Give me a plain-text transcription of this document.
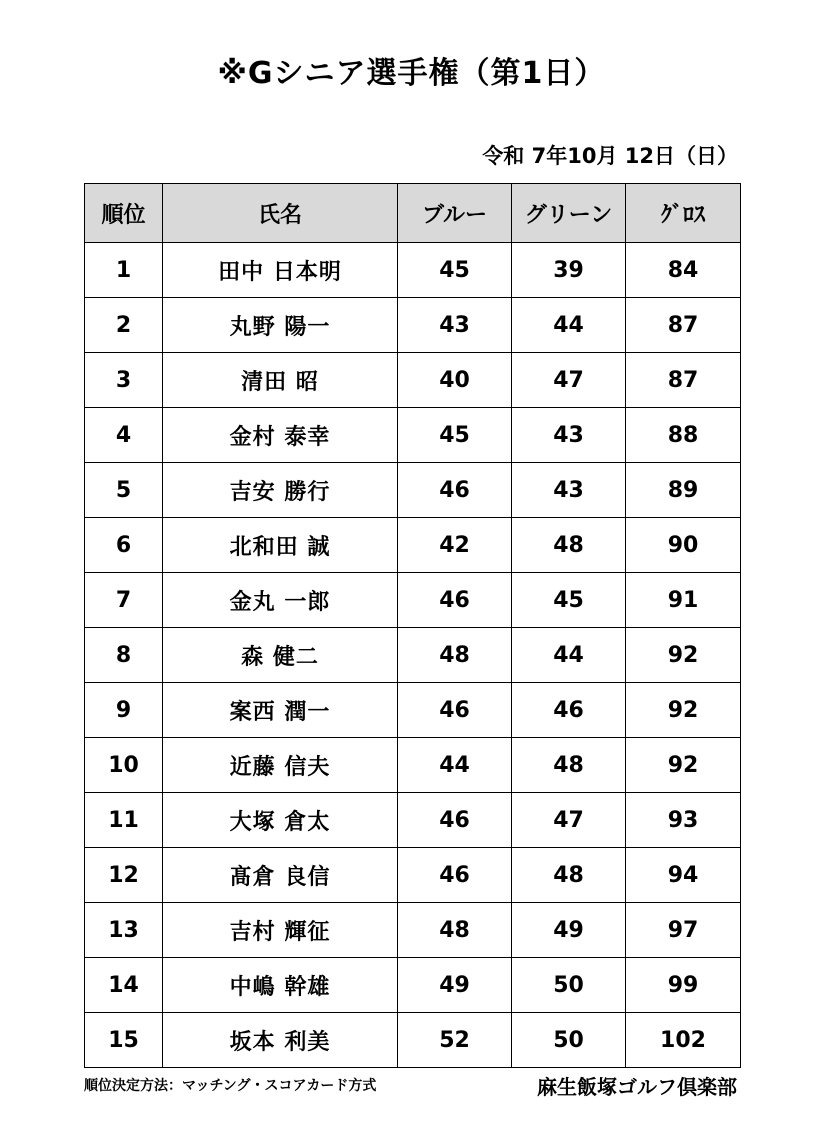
※Gシニア選手権（第1日）
令和 7年10月 12日（日）
順位	氏名	ブルー	グリーン	ｸﾞﾛｽ
1	田中 日本明	45	39	84
2	丸野 陽一	43	44	87
3	清田 昭	40	47	87
4	金村 泰幸	45	43	88
5	吉安 勝行	46	43	89
6	北和田 誠	42	48	90
7	金丸 一郎	46	45	91
8	森 健二	48	44	92
9	案西 潤一	46	46	92
10	近藤 信夫	44	48	92
11	大塚 倉太	46	47	93
12	髙倉 良信	46	48	94
13	吉村 輝征	48	49	97
14	中嶋 幹雄	49	50	99
15	坂本 利美	52	50	102
順位決定方法：マッチング・スコアカード方式	麻生飯塚ゴルフ倶楽部
